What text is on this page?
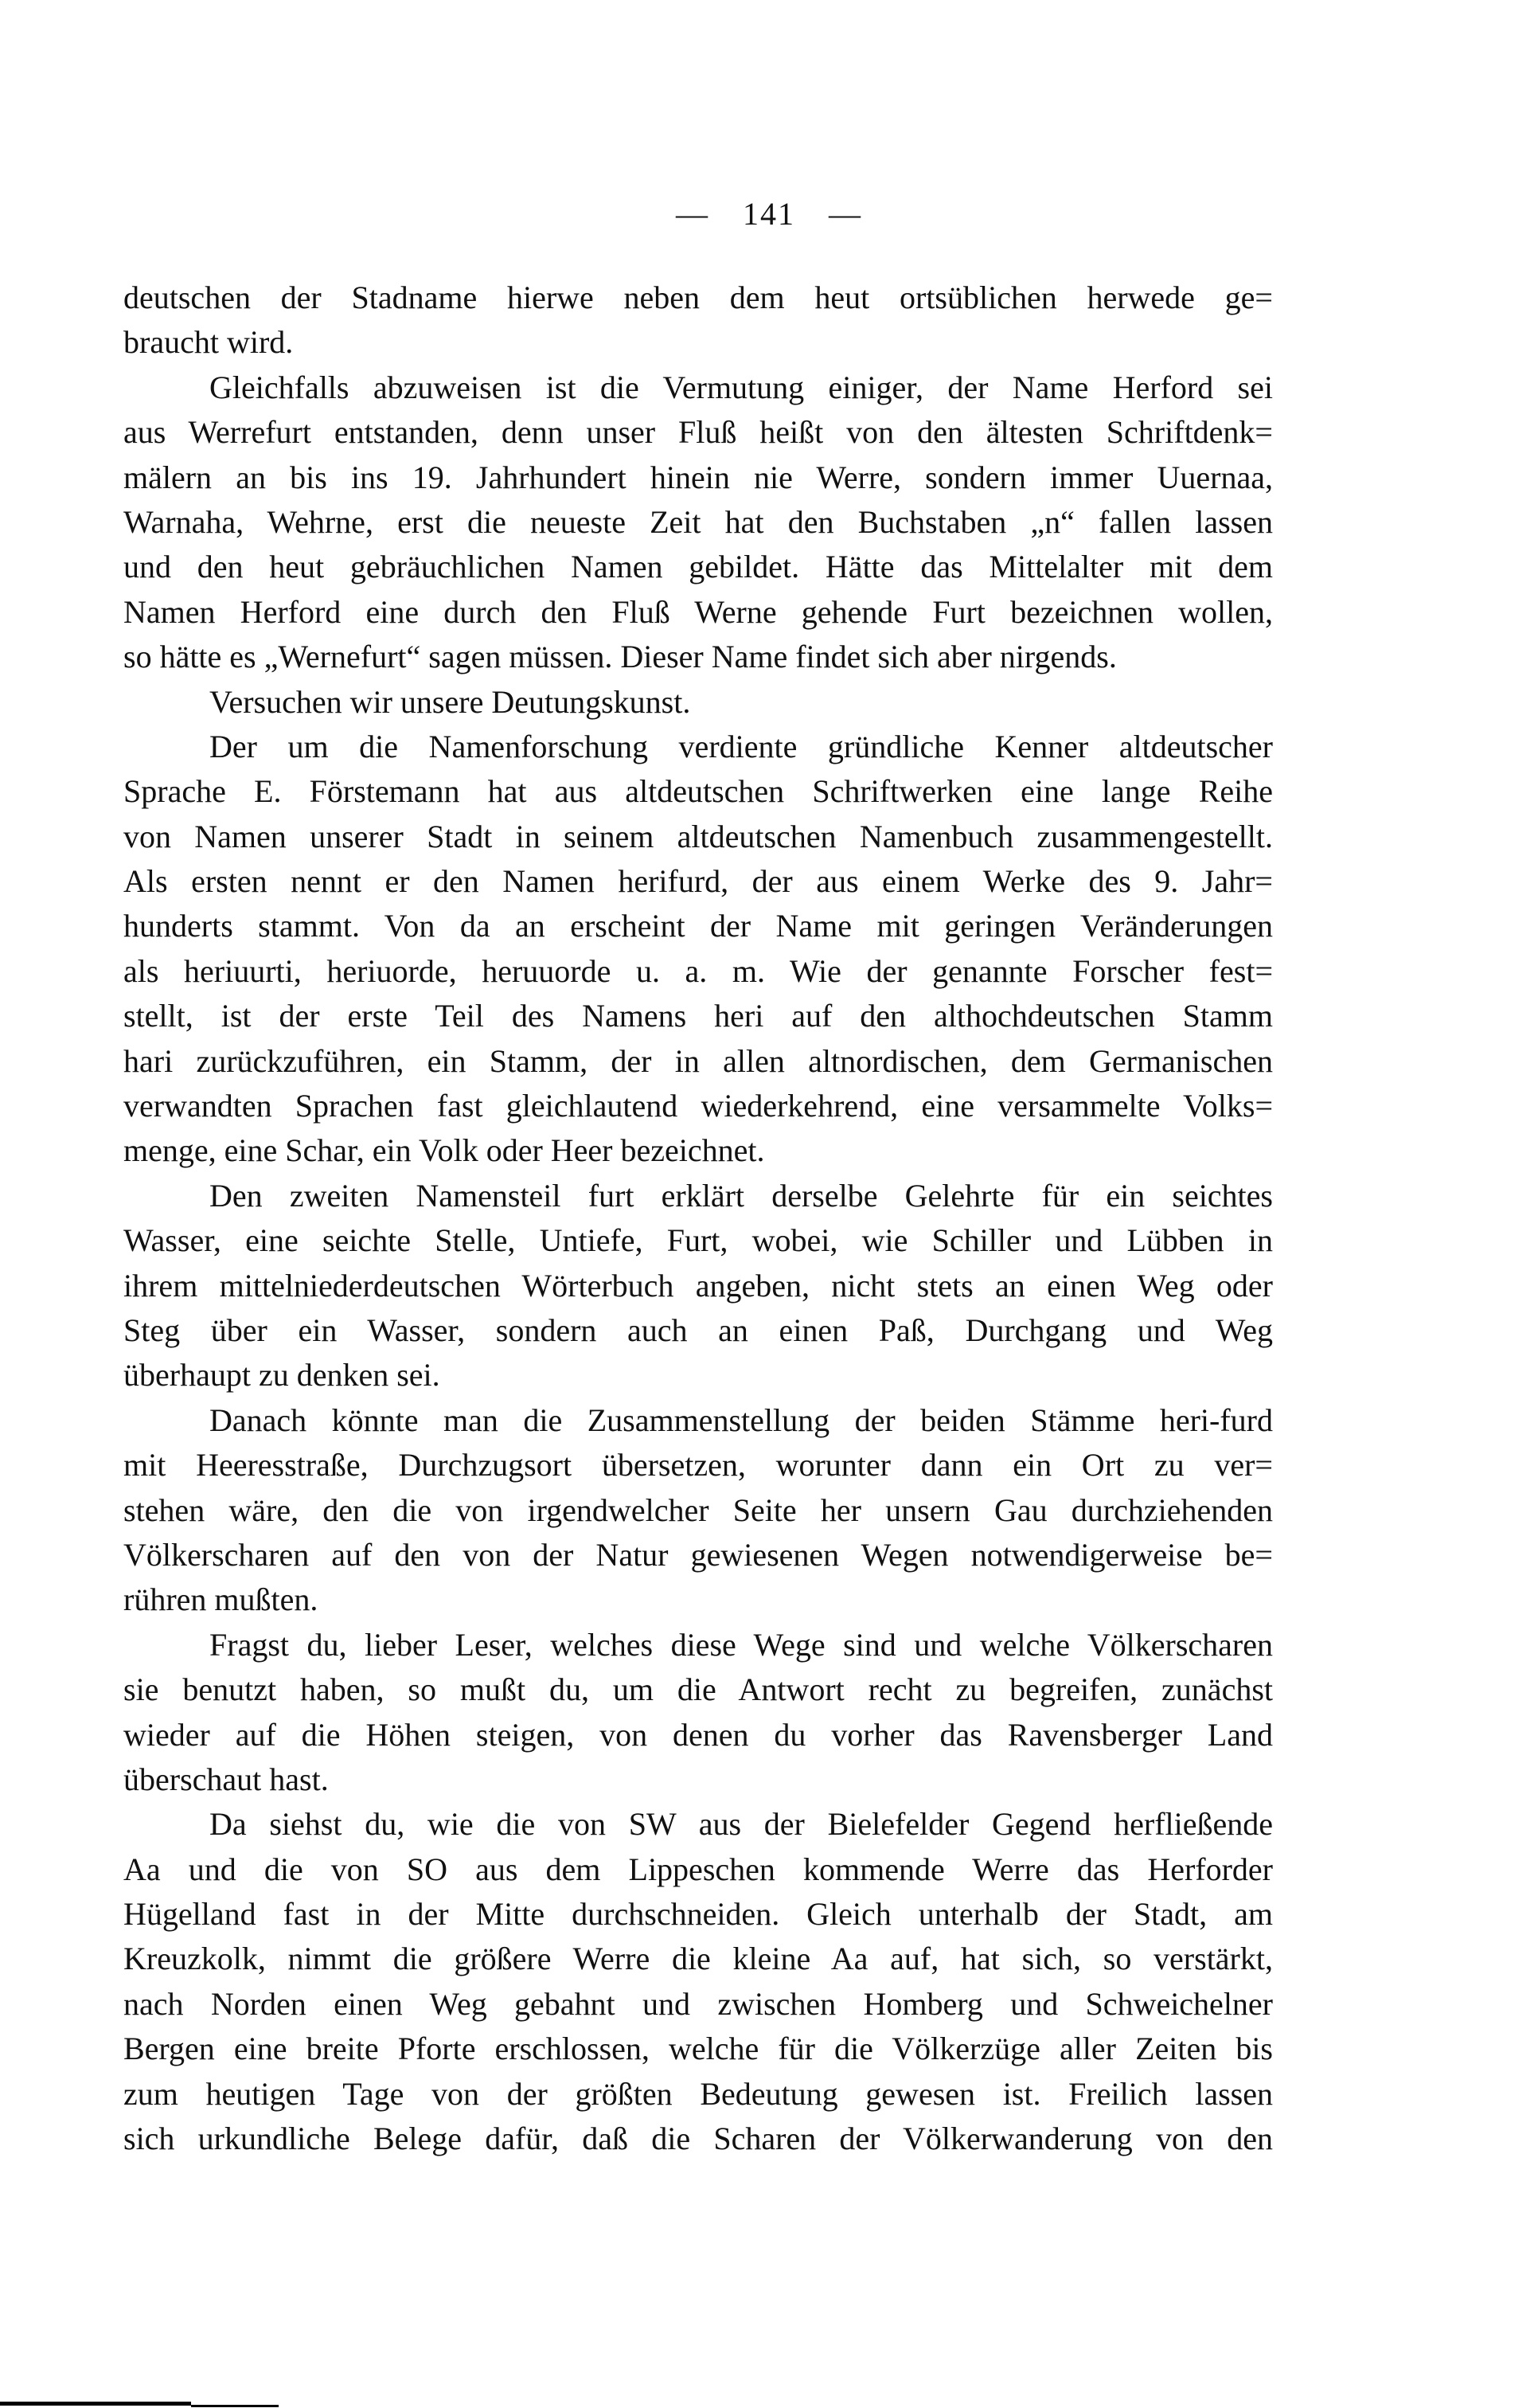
— 141 —
deutschen der Stadname hierwe neben dem heut ortsüblichen herwede ge=
braucht wird.
Gleichfalls abzuweisen ist die Vermutung einiger, der Name Herford sei
aus Werrefurt entstanden, denn unser Fluß heißt von den ältesten Schriftdenk=
mälern an bis ins 19. Jahrhundert hinein nie Werre, sondern immer Uuernaa,
Warnaha, Wehrne, erst die neueste Zeit hat den Buchstaben „n“ fallen lassen
und den heut gebräuchlichen Namen gebildet. Hätte das Mittelalter mit dem
Namen Herford eine durch den Fluß Werne gehende Furt bezeichnen wollen,
so hätte es „Wernefurt“ sagen müssen. Dieser Name findet sich aber nirgends.
Versuchen wir unsere Deutungskunst.
Der um die Namenforschung verdiente gründliche Kenner altdeutscher
Sprache E. Förstemann hat aus altdeutschen Schriftwerken eine lange Reihe
von Namen unserer Stadt in seinem altdeutschen Namenbuch zusammengestellt.
Als ersten nennt er den Namen herifurd, der aus einem Werke des 9. Jahr=
hunderts stammt. Von da an erscheint der Name mit geringen Veränderungen
als heriuurti, heriuorde, heruuorde u. a. m. Wie der genannte Forscher fest=
stellt, ist der erste Teil des Namens heri auf den althochdeutschen Stamm
hari zurückzuführen, ein Stamm, der in allen altnordischen, dem Germanischen
verwandten Sprachen fast gleichlautend wiederkehrend, eine versammelte Volks=
menge, eine Schar, ein Volk oder Heer bezeichnet.
Den zweiten Namensteil furt erklärt derselbe Gelehrte für ein seichtes
Wasser, eine seichte Stelle, Untiefe, Furt, wobei, wie Schiller und Lübben in
ihrem mittelniederdeutschen Wörterbuch angeben, nicht stets an einen Weg oder
Steg über ein Wasser, sondern auch an einen Paß, Durchgang und Weg
überhaupt zu denken sei.
Danach könnte man die Zusammenstellung der beiden Stämme heri-furd
mit Heeresstraße, Durchzugsort übersetzen, worunter dann ein Ort zu ver=
stehen wäre, den die von irgendwelcher Seite her unsern Gau durchziehenden
Völkerscharen auf den von der Natur gewiesenen Wegen notwendigerweise be=
rühren mußten.
Fragst du, lieber Leser, welches diese Wege sind und welche Völkerscharen
sie benutzt haben, so mußt du, um die Antwort recht zu begreifen, zunächst
wieder auf die Höhen steigen, von denen du vorher das Ravensberger Land
überschaut hast.
Da siehst du, wie die von SW aus der Bielefelder Gegend herfließende
Aa und die von SO aus dem Lippeschen kommende Werre das Herforder
Hügelland fast in der Mitte durchschneiden. Gleich unterhalb der Stadt, am
Kreuzkolk, nimmt die größere Werre die kleine Aa auf, hat sich, so verstärkt,
nach Norden einen Weg gebahnt und zwischen Homberg und Schweichelner
Bergen eine breite Pforte erschlossen, welche für die Völkerzüge aller Zeiten bis
zum heutigen Tage von der größten Bedeutung gewesen ist. Freilich lassen
sich urkundliche Belege dafür, daß die Scharen der Völkerwanderung von den
